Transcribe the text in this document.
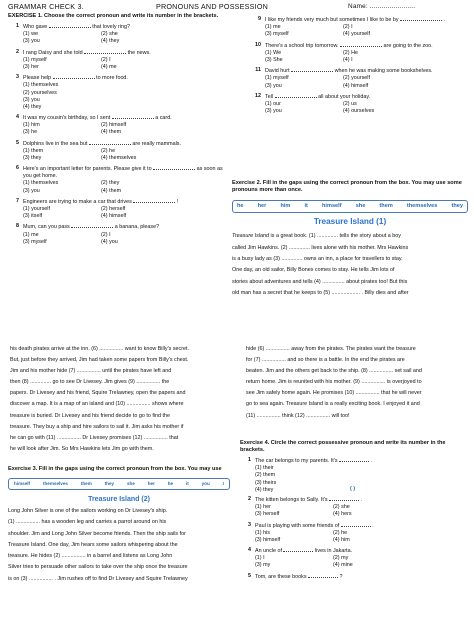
GRAMMAR CHECK 3.	PRONOUNS AND POSSESSION	Name: .......................
EXERCISE 1. Choose the correct pronoun and write its number in the brackets.
1 Who gave	that lovely ring?
(1) we	(2) she
(3) you	(4) they
2 I rang Daisy and she told	the news.
(1) myself	(2) I
(3) her	(4) me
3 Please help	to more food.
(1) themselves
(2) yourselves
(3) you
(4) they
4 It was my cousin's birthday, so I sent	a card.
(1) him	(2) himself
(3) he	(4) them
5 Dolphins live in the sea but	are really mammals.
(1) them	(2) he
(3) they	(4) themselves
6 Here's an important letter for parents. Please give it to	as soon as you get home.
(1) themselves	(2) they
(3) you	(4) them
7 Engineers are trying to make a car that drives	!
(1) yourself	(2) herself
(3) itself	(4) himself
8 Mum, can you pass	a banana, please?
(1) me	(2) I
(3) myself	(4) you
9 I like my friends very much but sometimes I like to be by	.
(1) me	(2) I
(3) myself	(4) yourself
10 There's a school trip tomorrow.	are going to the zoo.
(1) We	(2) He
(3) She	(4) I
11 David hurt	when he was making some bookshelves.
(1) myself	(2) yourself
(3) you	(4) himself
12 Tell	all about your holiday.
(1) our	(2) us
(3) you	(4) ourselves
Exercise 2. Fill in the gaps using the correct pronoun from the box. You may use some pronouns more than once.
he	her	him	it	himself	she	them	themselves	they
Treasure Island (1)
Treasure Island is a great book. (1) .............. tells the story about a boy
called Jim Hawkins. (2) .............. lives alone with his mother. Mrs Hawkins
is a busy lady as (3) .............. owns an inn, a place for travellers to stay.
One day, an old sailor, Billy Bones comes to stay. He tells Jim lots of
stories about adventures and tells (4) ............... about pirates too! But this
old man has a secret that he keeps to (5) ................... . Billy dies and after
his death pirates arrive at the inn. (6) ................ want to know Billy's secret.
But, just before they arrived, Jim had taken some papers from Billy's chest.
Jim and his mother hide (7) ................ until the pirates have left and
then (8) .............. go to see Dr Livesey. Jim gives (9) ................ the
papers. Dr Livesey and his friend, Squire Trelawney, open the papers and
discover a map. It is a map of an island and (10) ................ shows where
treasure is buried. Dr Livesey and his friend decide to go to find the
treasure. They buy a ship and hire sailors to sail it. Jim asks his mother if
he can go with (11) ................ Dr Livesey promises (12) ................ that
he will look after Jim. So Mrs Hawkins lets Jim go with them.
Exercise 3. Fill in the gaps using the correct pronoun from the box. You may use
himself	themselves	them	they	she	her	he	it	you	I
Treasure Island (2)
Long John Silver is one of the sailors working on Dr Livesey's ship.
(1) ................ has a wooden leg and carries a parrot around on his
shoulder. Jim and Long John Silver become friends. Then the ship sails for
Treasure Island. One day, Jim hears some sailors whispering about the
treasure. He hides (2) ................ in a barrel and listens as Long John
Silver tries to persuade other sailors to take over the ship once the treasure
is on (3) ................ . Jim rushes off to find Dr Livesey and Squire Trelawney
hide (6) ................ away from the pirates. The pirates want the treasure
for (7) ................ and so there is a battle. In the end the pirates are
beaten. Jim and the others get back to the ship. (8) ................ set sail and
return home. Jim is reunited with his mother. (9) ................ is overjoyed to
see Jim safely home again. He promises (10) ................ that he will never
go to sea again. Treasure Island is a really exciting book. I enjoyed it and
(11) ................ think (12) ................ will too!
Exercise 4. Circle the correct possessive pronoun and write its number in the brackets.
1 The car belongs to my parents. It's	.
(1) their
(2) them
(3) theirs
(4) they	( )
2 The kitten belongs to Sally. It's	.
(1) her	(2) she
(3) herself	(4) hers
3 Paul is playing with some friends of	.
(1) his	(2) he
(3) himself	(4) him
4 An uncle of	lives in Jakarta.
(1) I	(2) my
(3) my	(4) mine
5 Tom, are these books	?
